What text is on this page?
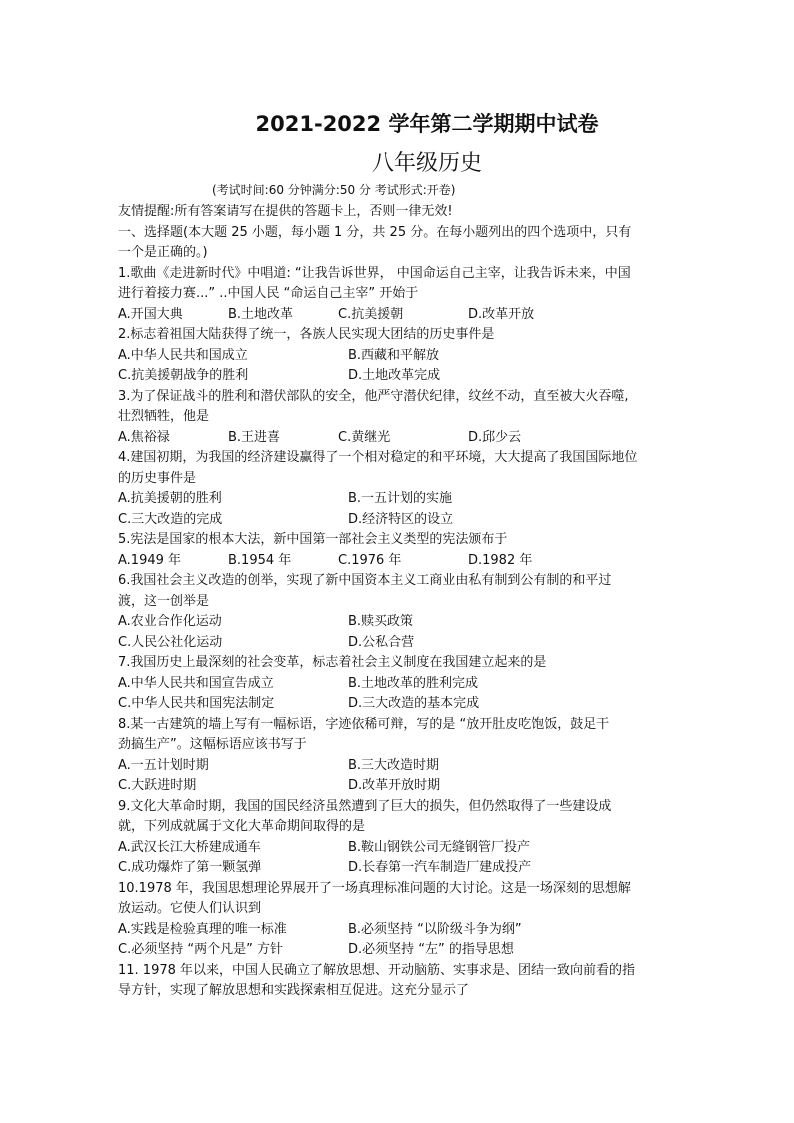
2021-2022 学年第二学期期中试卷
八年级历史
(考试时间:60 分钟满分:50 分 考试形式:开卷)
友情提醒:所有答案请写在提供的答题卡上，否则一律无效!
一、选择题(本大题 25 小题，每小题 1 分，共 25 分。在每小题列出的四个选项中，只有
一个是正确的。)
1.歌曲《走进新时代》中唱道: “让我告诉世界， 中国命运自己主宰，让我告诉未来，中国
进行着接力赛...” ..中国人民 “命运自己主宰” 开始于
A.开国大典	B.土地改革	C.抗美援朝	D.改革开放
2.标志着祖国大陆获得了统一，各族人民实现大团结的历史事件是
A.中华人民共和国成立	B.西藏和平解放
C.抗美援朝战争的胜利	D.土地改革完成
3.为了保证战斗的胜利和潜伏部队的安全，他严守潜伏纪律，纹丝不动，直至被大火吞噬,
壮烈牺牲，他是
A.焦裕禄	B.王进喜	C.黄继光	D.邱少云
4.建国初期，为我国的经济建设赢得了一个相对稳定的和平环境，大大提高了我国国际地位
的历史事件是
A.抗美援朝的胜利	B.一五计划的实施
C.三大改造的完成	D.经济特区的设立
5.宪法是国家的根本大法，新中国第一部社会主义类型的宪法颁布于
A.1949 年	B.1954 年	C.1976 年	D.1982 年
6.我国社会主义改造的创举，实现了新中国资本主义工商业由私有制到公有制的和平过
渡，这一创举是
A.农业合作化运动	B.赎买政策
C.人民公社化运动	D.公私合营
7.我国历史上最深刻的社会变革，标志着社会主义制度在我国建立起来的是
A.中华人民共和国宣告成立	B.土地改革的胜利完成
C.中华人民共和国宪法制定	D.三大改造的基本完成
8.某一古建筑的墙上写有一幅标语，字迹依稀可辩，写的是 “放开肚皮吃饱饭，鼓足干
劲搞生产”。这幅标语应该书写于
A.一五计划时期	B.三大改造时期
C.大跃进时期	D.改革开放时期
9.文化大革命时期，我国的国民经济虽然遭到了巨大的损失，但仍然取得了一些建设成
就，下列成就属于文化大革命期间取得的是
A.武汉长江大桥建成通车	B.鞍山钢铁公司无缝钢管厂投产
C.成功爆炸了第一颗氢弹	D.长春第一汽车制造厂建成投产
10.1978 年，我国思想理论界展开了一场真理标准问题的大讨论。这是一场深刻的思想解
放运动。它使人们认识到
A.实践是检验真理的唯一标准	B.必须坚持 “以阶级斗争为纲”
C.必须坚持 “两个凡是” 方针	D.必须坚持 “左” 的指导思想
11. 1978 年以来，中国人民确立了解放思想、开动脑筋、实事求是、团结一致向前看的指
导方针，实现了解放思想和实践探索相互促进。这充分显示了
